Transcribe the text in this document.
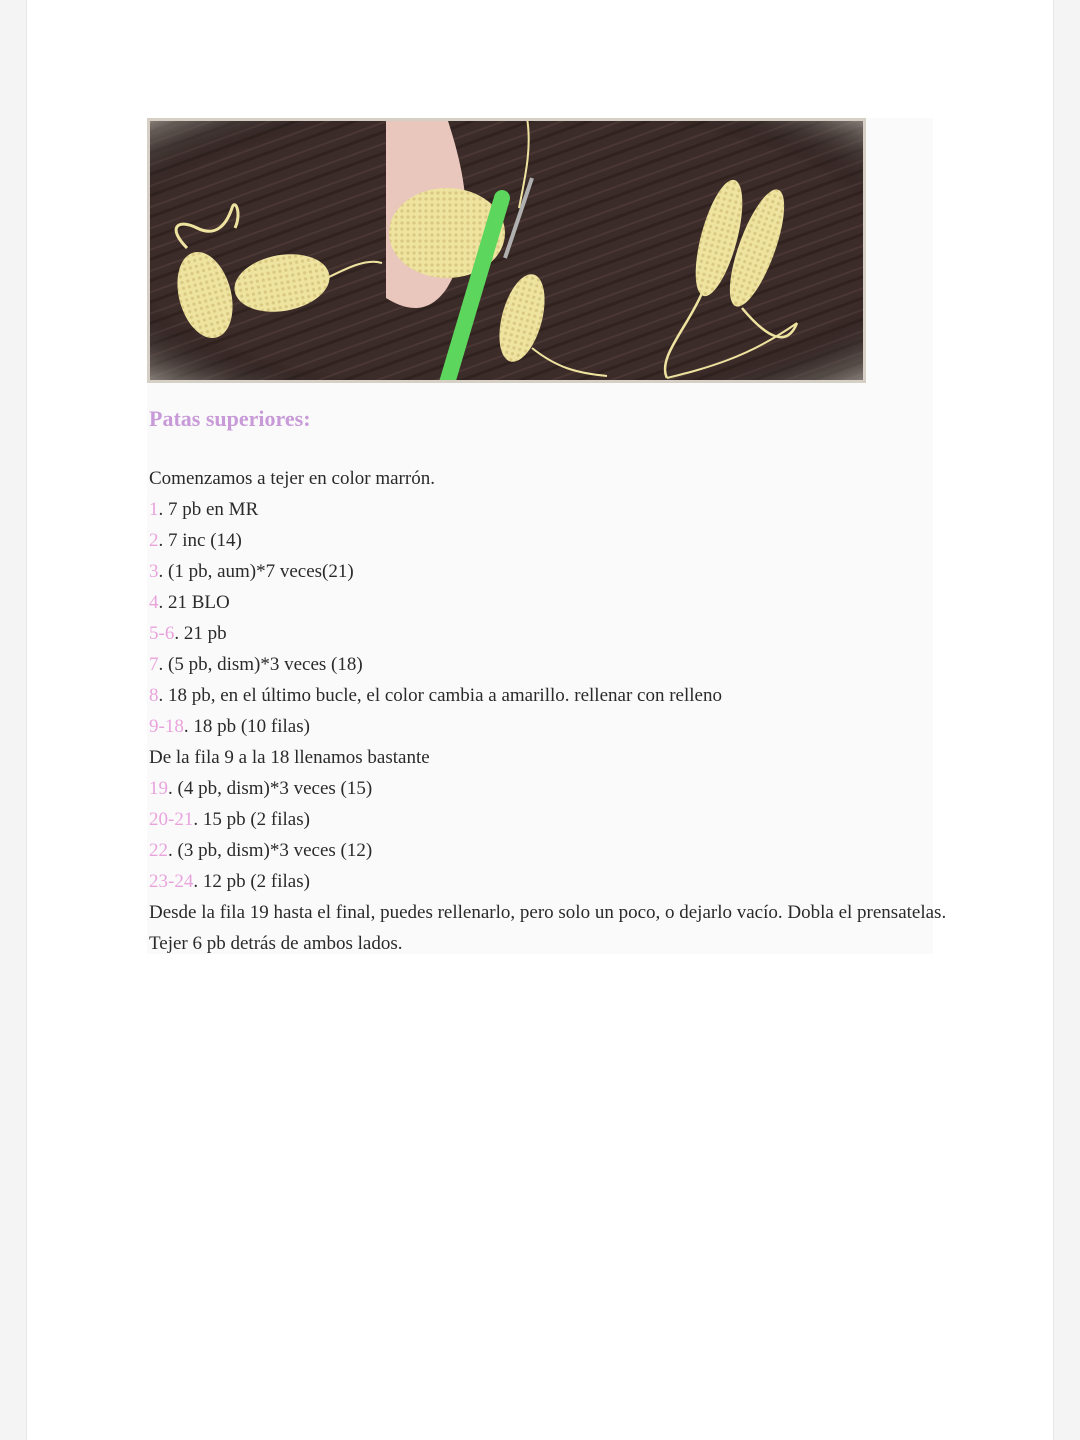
Patas superiores:
Comenzamos a tejer en color marrón.
1. 7 pb en MR
2. 7 inc (14)
3. (1 pb, aum)*7 veces(21)
4. 21 BLO
5-6. 21 pb
7. (5 pb, dism)*3 veces (18)
8. 18 pb, en el último bucle, el color cambia a amarillo. rellenar con relleno
9-18. 18 pb (10 filas)
De la fila 9 a la 18 llenamos bastante
19. (4 pb, dism)*3 veces (15)
20-21. 15 pb (2 filas)
22. (3 pb, dism)*3 veces (12)
23-24. 12 pb (2 filas)
Desde la fila 19 hasta el final, puedes rellenarlo, pero solo un poco, o dejarlo vacío. Dobla el prensatelas.
Tejer 6 pb detrás de ambos lados.
